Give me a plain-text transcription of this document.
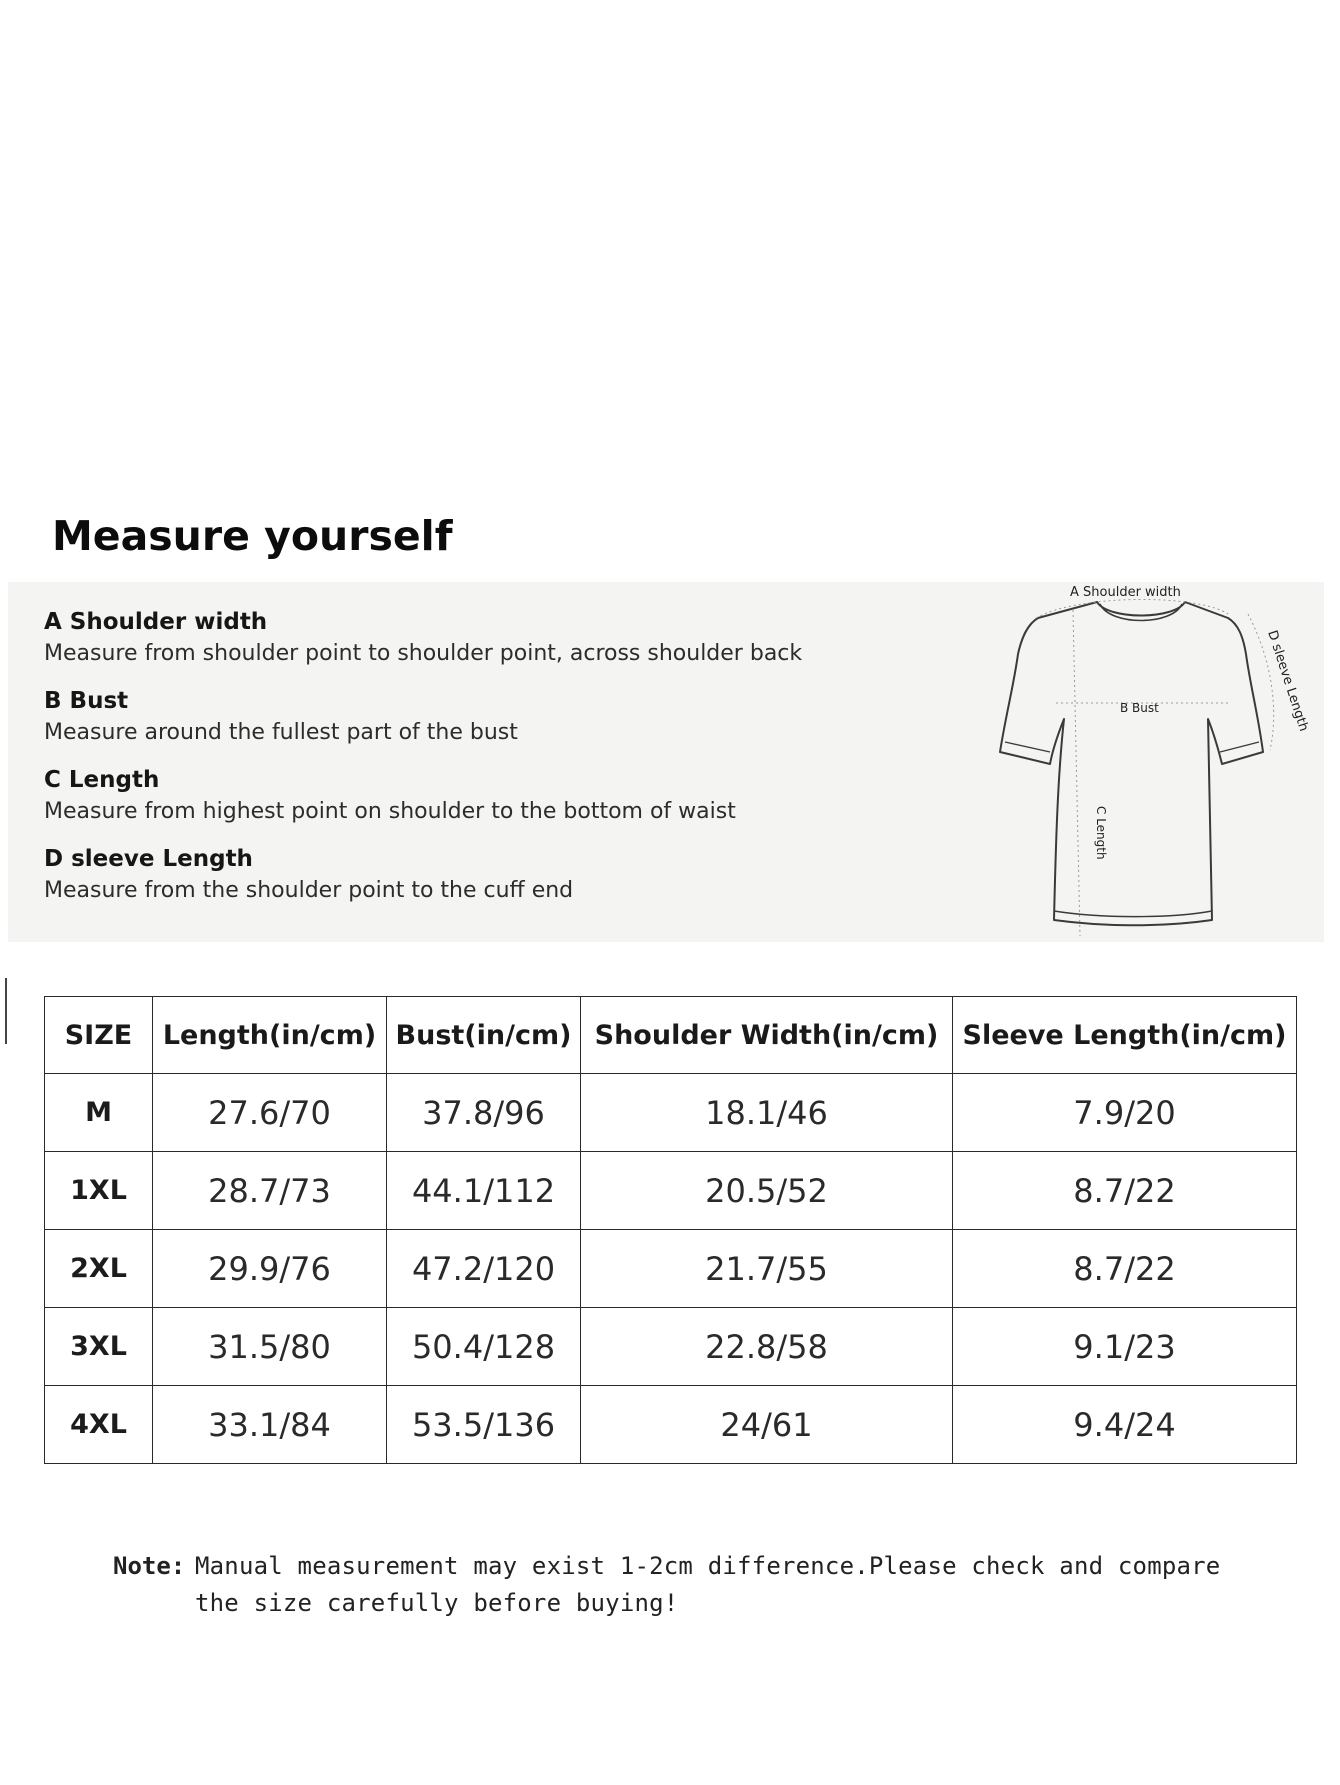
Measure yourself
A Shoulder width
Measure from shoulder point to shoulder point, across shoulder back
B Bust
Measure around the fullest part of the bust
C Length
Measure from highest point on shoulder to the bottom of waist
D sleeve Length
Measure from the shoulder point to the cuff end
A Shoulder width
B Bust
C Length
D sleeve Length
SIZE	Length(in/cm)	Bust(in/cm)	Shoulder Width(in/cm)	Sleeve Length(in/cm)
M	27.6/70	37.8/96	18.1/46	7.9/20
1XL	28.7/73	44.1/112	20.5/52	8.7/22
2XL	29.9/76	47.2/120	21.7/55	8.7/22
3XL	31.5/80	50.4/128	22.8/58	9.1/23
4XL	33.1/84	53.5/136	24/61	9.4/24
Note: Manual measurement may exist 1-2cm difference.Please check and compare the size carefully before buying!
